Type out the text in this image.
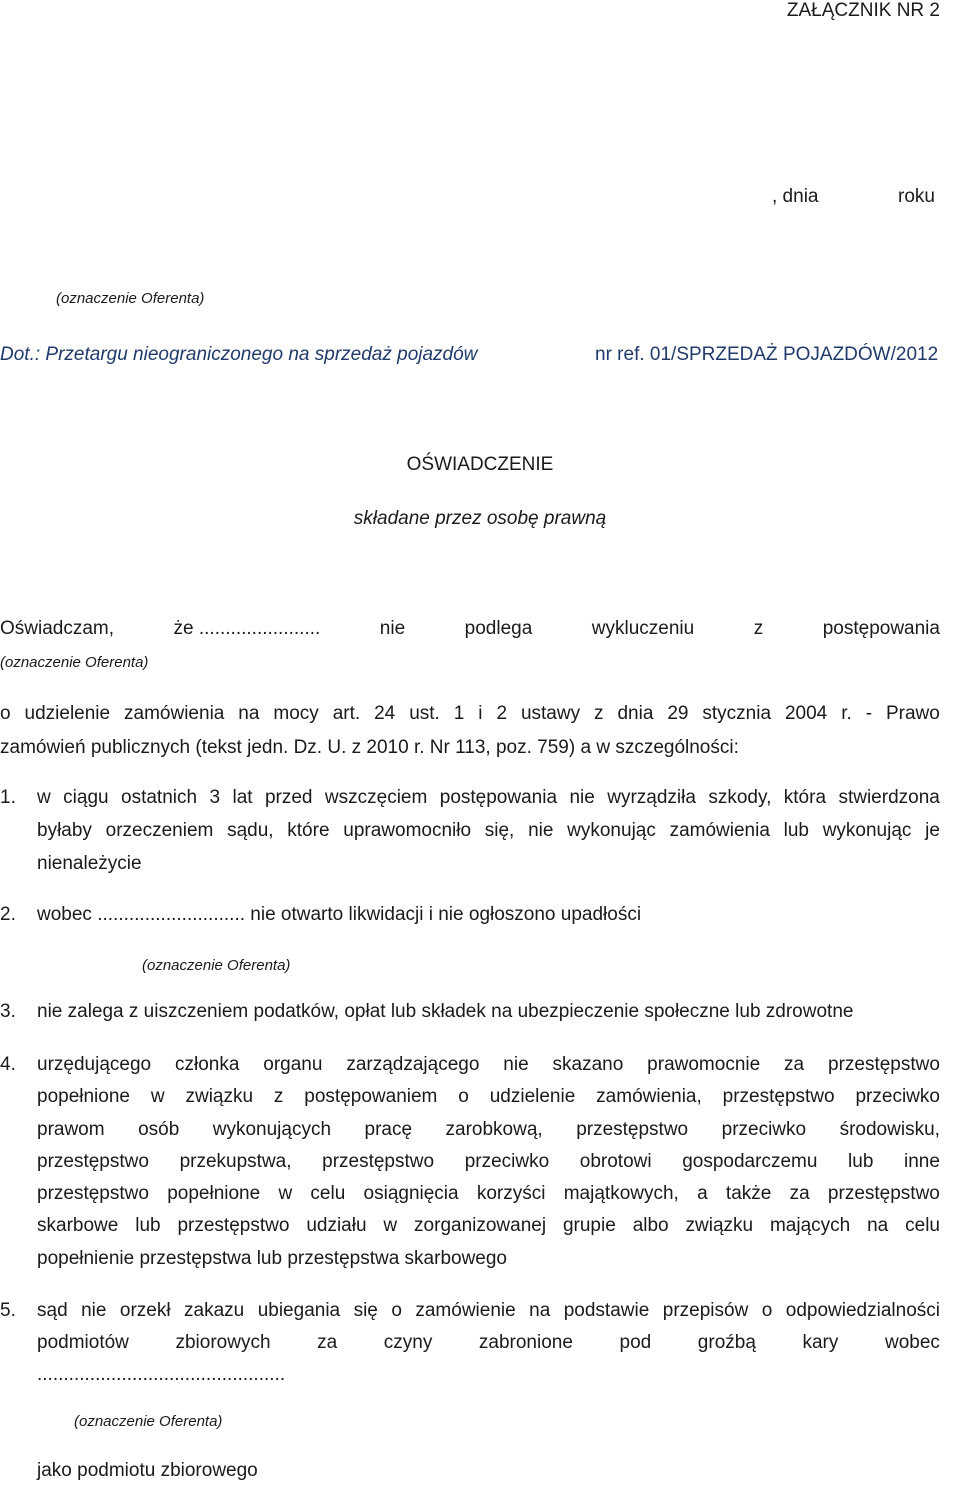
ZAŁĄCZNIK NR 2
, dnia	roku
(oznaczenie Oferenta)
Dot.: Przetargu nieograniczonego na sprzedaż pojazdów	nr ref. 01/SPRZEDAŻ POJAZDÓW/2012
OŚWIADCZENIE
składane przez osobę prawną
Oświadczam,	że .......................	nie	podlega	wykluczeniu	z	postępowania
(oznaczenie Oferenta)
o udzielenie zamówienia na mocy art. 24 ust. 1 i 2 ustawy z dnia 29 stycznia 2004 r. - Prawo
zamówień publicznych (tekst jedn. Dz. U. z 2010 r. Nr 113, poz. 759) a w szczególności:
1. w ciągu ostatnich 3 lat przed wszczęciem postępowania nie wyrządziła szkody, która stwierdzona
byłaby orzeczeniem sądu, które uprawomocniło się, nie wykonując zamówienia lub wykonując je
nienależycie
2. wobec ............................ nie otwarto likwidacji i nie ogłoszono upadłości
(oznaczenie Oferenta)
3. nie zalega z uiszczeniem podatków, opłat lub składek na ubezpieczenie społeczne lub zdrowotne
4. urzędującego członka organu zarządzającego nie skazano prawomocnie za przestępstwo
popełnione w związku z postępowaniem o udzielenie zamówienia, przestępstwo przeciwko
prawom osób wykonujących pracę zarobkową, przestępstwo przeciwko środowisku,
przestępstwo przekupstwa, przestępstwo przeciwko obrotowi gospodarczemu lub inne
przestępstwo popełnione w celu osiągnięcia korzyści majątkowych, a także za przestępstwo
skarbowe lub przestępstwo udziału w zorganizowanej grupie albo związku mających na celu
popełnienie przestępstwa lub przestępstwa skarbowego
5. sąd nie orzekł zakazu ubiegania się o zamówienie na podstawie przepisów o odpowiedzialności
podmiotów zbiorowych za czyny zabronione pod groźbą kary wobec
...............................................
(oznaczenie Oferenta)
jako podmiotu zbiorowego
